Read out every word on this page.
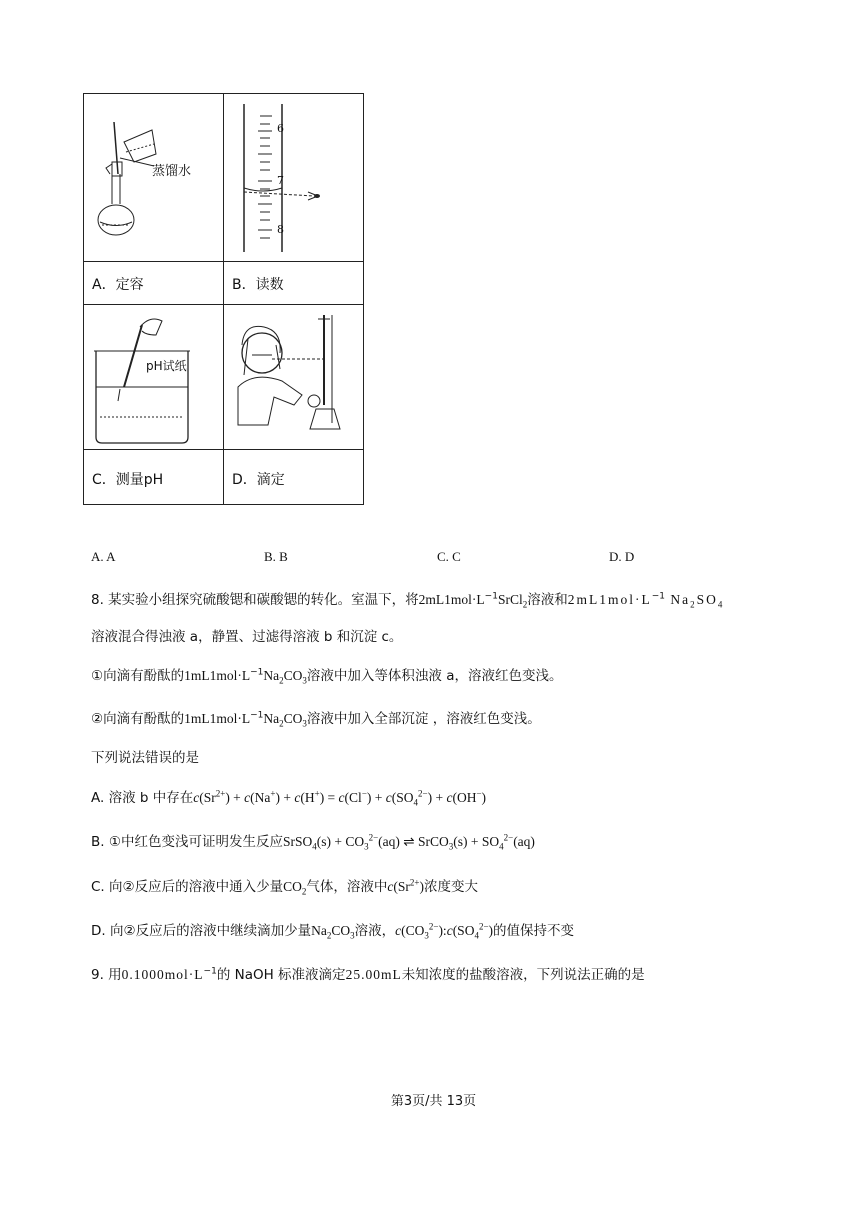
蒸馏水
6
7
8
A．定容	B．读数
pH试纸
C．测量pH	D．滴定
A. A	B. B	C. C	D. D
8. 某实验小组探究硫酸锶和碳酸锶的转化。室温下，将$2mL1mol\cdot L^{-1}SrCl_2$溶液和$2mL1mol\cdot L^{-1}$ $Na_2SO_4$
溶液混合得浊液 a，静置、过滤得溶液 b 和沉淀 c。
①向滴有酚酞的$1mL1mol\cdot L^{-1}Na_2CO_3$溶液中加入等体积浊液 a，溶液红色变浅。
②向滴有酚酞的$1mL1mol\cdot L^{-1}Na_2CO_3$溶液中加入全部沉淀 ，溶液红色变浅。
下列说法错误的是
A. 溶液 b 中存在$c(Sr^{2+}) + c(Na^+) + c(H^+) = c(Cl^-) + c(SO_4^{2-}) + c(OH^-)$
B. ①中红色变浅可证明发生反应SrSO$_4$(s) + $CO_3^{2-}(aq)$ ⇌ SrCO$_3$(s) + $SO_4^{2-}(aq)$
C. 向②反应后的溶液中通入少量$CO_2$气体，溶液中$c(Sr^{2+})$浓度变大
D. 向②反应后的溶液中继续滴加少量$Na_2CO_3$溶液，$c(CO_3^{2-}):c(SO_4^{2-})$的值保持不变
9. 用$0.1000mol\cdot L^{-1}$的 NaOH 标准液滴定25.00mL未知浓度的盐酸溶液，下列说法正确的是
第3页/共 13页
